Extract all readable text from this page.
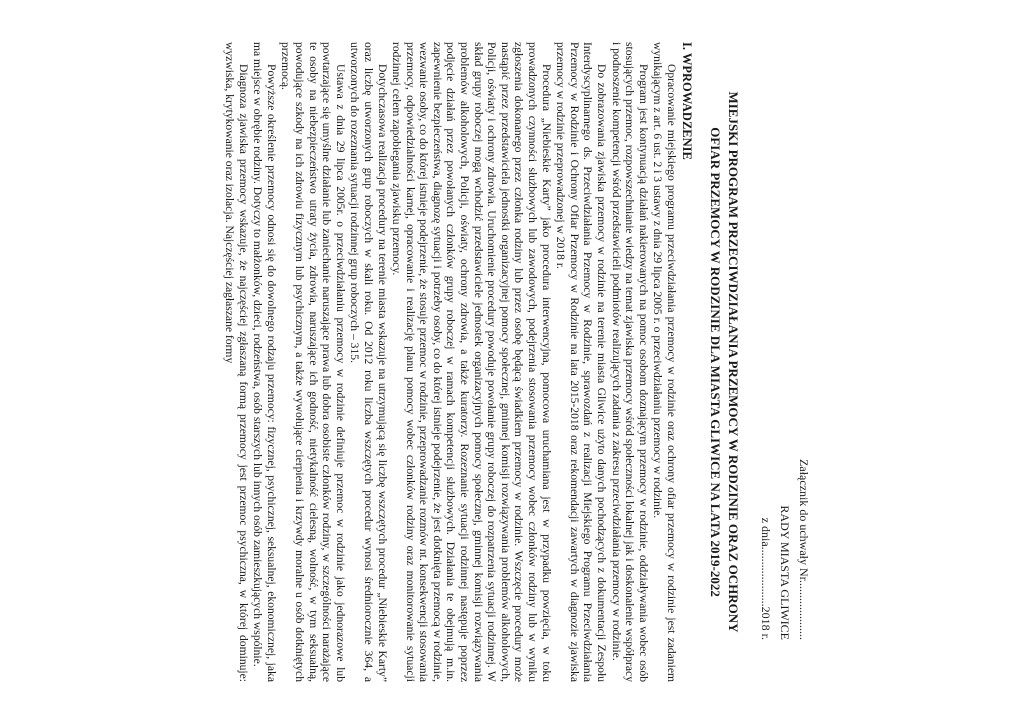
Załącznik do uchwały Nr....................
RADY MIASTA GLIWICE
z dnia....................2018 r.
MIEJSKI PROGRAM PRZECIWDZIAŁANIA PRZEMOCY W RODZINIE ORAZ OCHRONY
OFIAR PRZEMOCY W RODZINIE DLA MIASTA GLIWICE NA LATA 2019-2022
I. WPROWADZENIE

Opracowanie miejskiego programu przeciwdziałania przemocy w rodzinie oraz ochrony ofiar przemocy w rodzinie jest zadaniem wynikającym z art. 6 ust. 2 i 3 ustawy z dnia 29 lipca 2005 r. o przeciwdziałaniu przemocy w rodzinie.

Program jest kontynuacją działań nakierowanych na pomoc osobom doznającym przemocy w rodzinie, oddziaływania wobec osób stosujących przemoc, rozpowszechnianie wiedzy na temat zjawiska przemocy wśród społeczności lokalnej jak i doskonalenie współpracy i podnoszenie kompetencji wśród przedstawicieli podmiotów realizujących zadania z zakresu przeciwdziałania przemocy w rodzinie.

Do zobrazowania zjawiska przemocy w rodzinie na terenie miasta Gliwice użyto danych pochodzących z dokumentacji Zespołu Interdyscyplinarnego ds. Przeciwdziałania Przemocy w Rodzinie, sprawozdań z realizacji Miejskiego Programu Przeciwdziałania Przemocy w Rodzinie i Ochrony Ofiar Przemocy w Rodzinie na lata 2015-2018 oraz rekomendacji zawartych w diagnozie zjawiska przemocy w rodzinie przeprowadzonej w 2018 r.

Procedura „Niebieskie Karty” jako procedura interwencyjna, pomocowa uruchamiana jest w przypadku powzięcia, w toku prowadzonych czynności służbowych lub zawodowych, podejrzenia stosowania przemocy wobec członków rodziny lub w wyniku zgłoszenia dokonanego przez członka rodziny lub przez osobę będącą świadkiem przemocy w rodzinie. Wszczęcie procedury może nastąpić przez przedstawiciela jednostki organizacyjnej pomocy społecznej, gminnej komisji rozwiązywania problemów alkoholowych, Policji, oświaty i ochrony zdrowia. Uruchomienie procedury powoduje powołanie grupy roboczej do rozpatrzenia sytuacji rodzinnej. W skład grupy roboczej mogą wchodzić przedstawiciele jednostek organizacyjnych pomocy społecznej, gminnej komisji rozwiązywania problemów alkoholowych, Policji, oświaty, ochrony zdrowia, a także kuratorzy. Rozeznanie sytuacji rodzinnej następuje poprzez podjęcie działań przez powołanych członków grupy roboczej w ramach kompetencji służbowych. Działania te obejmują m.in. zapewnienie bezpieczeństwa, diagnozę sytuacji i potrzeby osoby, co do której istnieje podejrzenie, że jest dotknięta przemocą w rodzinie, wezwanie osoby, co do której istnieje podejrzenie, że stosuje przemoc w rodzinie, przeprowadzanie rozmów nt. konsekwencji stosowania przemocy, odpowiedzialności karnej, opracowanie i realizację planu pomocy wobec członków rodziny oraz monitorowanie sytuacji rodzinnej celem zapobiegania zjawisku przemocy.

Dotychczasowa realizacja procedury na terenie miasta wskazuje na utrzymującą się liczbę wszczętych procedur „Niebieskie Karty” oraz liczbę utworzonych grup roboczych w skali roku. Od 2012 roku liczba wszczętych procedur wynosi średniorocznie 364, a utworzonych do rozeznania sytuacji rodzinnej grup roboczych – 315.

Ustawa z dnia 29 lipca 2005r. o przeciwdziałaniu przemocy w rodzinie definiuje przemoc w rodzinie jako jednorazowe lub powtarzające się umyślne działanie lub zaniechanie naruszające prawa lub dobra osobiste członków rodziny, w szczególności narażające te osoby na niebezpieczeństwo utraty życia, zdrowia, naruszające ich godność, nietykalność cielesną, wolność, w tym seksualną, powodujące szkody na ich zdrowiu fizycznym lub psychicznym, a także wywołujące cierpienia i krzywdy moralne u osób dotkniętych przemocą.

Powyższe określenie przemocy odnosi się do dowolnego rodzaju przemocy: fizycznej, psychicznej, seksualnej, ekonomicznej, jaka ma miejsce w obrębie rodziny. Dotyczy to małżonków, dzieci, rodzeństwa, osób starszych lub innych osób zamieszkujących wspólnie.

Diagnoza zjawiska przemocy wskazuje, że najczęściej zgłaszaną formą przemocy jest przemoc psychiczna, w której dominuje: wyzwiska, krytykowanie oraz izolacja. Najczęściej zagłaszane formy
